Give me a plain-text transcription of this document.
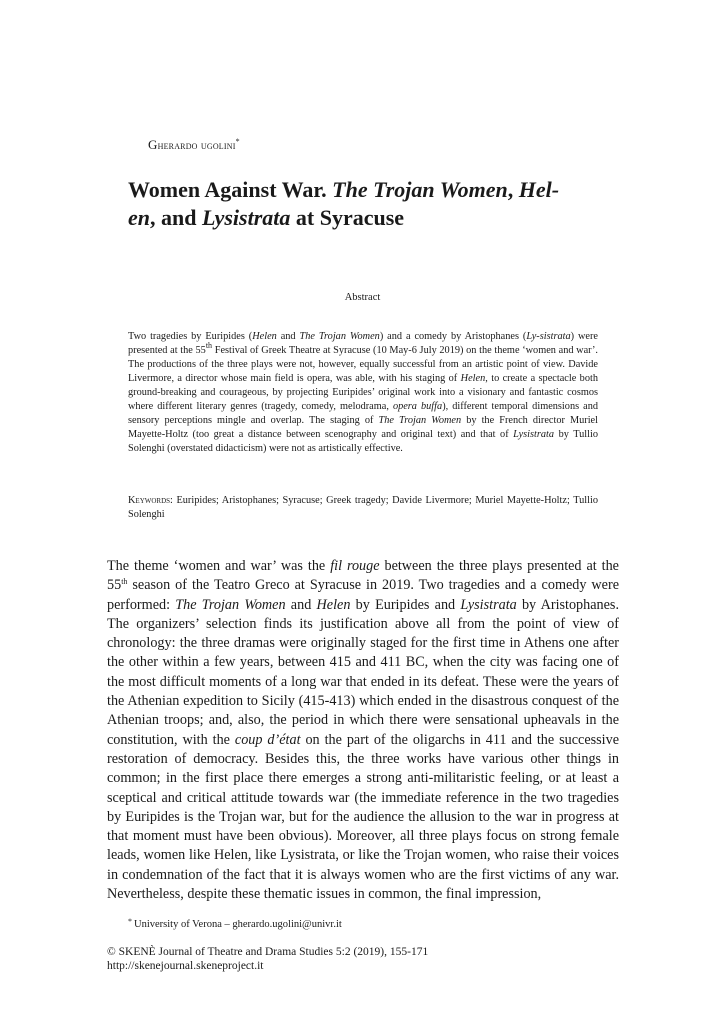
Gherardo ugolini*
Women Against War. The Trojan Women, Hel-
en, and Lysistrata at Syracuse
Abstract

Two tragedies by Euripides (Helen and The Trojan Women) and a comedy by Aristophanes (Ly-sistrata) were presented at the 55th Festival of Greek Theatre at Syracuse (10 May-6 July 2019) on the theme ‘women and war’. The productions of the three plays were not, however, equally successful from an artistic point of view. Davide Livermore, a director whose main field is opera, was able, with his staging of Helen, to create a spectacle both ground-breaking and courageous, by projecting Euripides’ original work into a visionary and fantastic cosmos where different literary genres (tragedy, comedy, melodrama, opera buffa), different temporal dimensions and sensory perceptions mingle and overlap. The staging of The Trojan Women by the French director Muriel Mayette-Holtz (too great a distance between scenography and original text) and that of Lysistrata by Tullio Solenghi (overstated didacticism) were not as artistically effective.

Keywords: Euripides; Aristophanes; Syracuse; Greek tragedy; Davide Livermore; Muriel Mayette-Holtz; Tullio Solenghi

The theme ‘women and war’ was the fil rouge between the three plays presented at the 55th season of the Teatro Greco at Syracuse in 2019. Two tragedies and a comedy were performed: The Trojan Women and Helen by Euripides and Lysistrata by Aristophanes. The organizers’ selection finds its justification above all from the point of view of chronology: the three dramas were originally staged for the first time in Athens one after the other within a few years, between 415 and 411 BC, when the city was facing one of the most difficult moments of a long war that ended in its defeat. These were the years of the Athenian expedition to Sicily (415-413) which ended in the disastrous conquest of the Athenian troops; and, also, the period in which there were sensational upheavals in the constitution, with the coup d’état on the part of the oligarchs in 411 and the successive restoration of democracy. Besides this, the three works have various other things in common; in the first place there emerges a strong anti-militaristic feeling, or at least a sceptical and critical attitude towards war (the immediate reference in the two tragedies by Euripides is the Trojan war, but for the audience the allusion to the war in progress at that moment must have been obvious). Moreover, all three plays focus on strong female leads, women like Helen, like Lysistrata, or like the Trojan women, who raise their voices in condemnation of the fact that it is always women who are the first victims of any war. Nevertheless, despite these thematic issues in common, the final impression,

* University of Verona – gherardo.ugolini@univr.it
© SKENÈ Journal of Theatre and Drama Studies 5:2 (2019), 155-171
http://skenejournal.skeneproject.it
